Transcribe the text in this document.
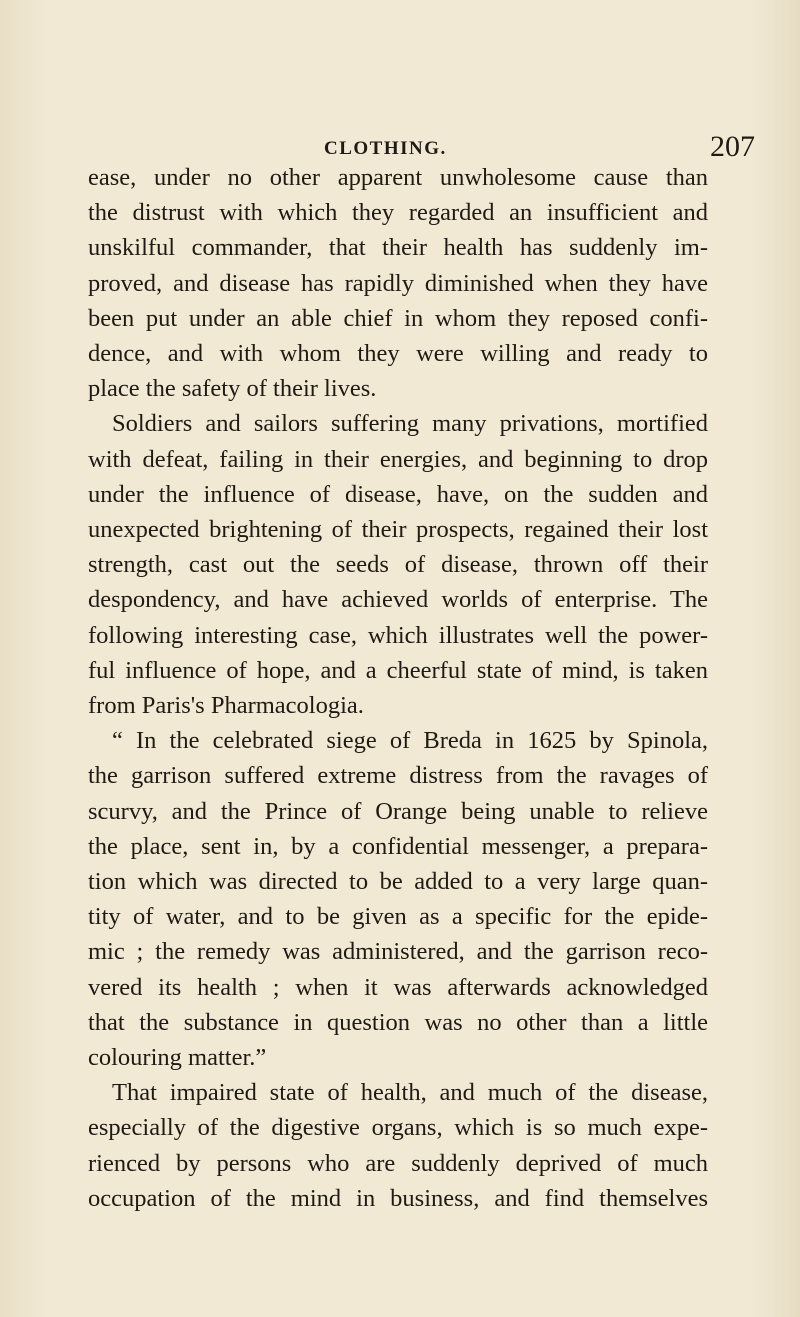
CLOTHING.	207
ease, under no other apparent unwholesome cause than
the distrust with which they regarded an insufficient and
unskilful commander, that their health has suddenly im-
proved, and disease has rapidly diminished when they have
been put under an able chief in whom they reposed confi-
dence, and with whom they were willing and ready to
place the safety of their lives.
Soldiers and sailors suffering many privations, mortified
with defeat, failing in their energies, and beginning to drop
under the influence of disease, have, on the sudden and
unexpected brightening of their prospects, regained their lost
strength, cast out the seeds of disease, thrown off their
despondency, and have achieved worlds of enterprise. The
following interesting case, which illustrates well the power-
ful influence of hope, and a cheerful state of mind, is taken
from Paris's Pharmacologia.
“ In the celebrated siege of Breda in 1625 by Spinola,
the garrison suffered extreme distress from the ravages of
scurvy, and the Prince of Orange being unable to relieve
the place, sent in, by a confidential messenger, a prepara-
tion which was directed to be added to a very large quan-
tity of water, and to be given as a specific for the epide-
mic ; the remedy was administered, and the garrison reco-
vered its health ; when it was afterwards acknowledged
that the substance in question was no other than a little
colouring matter.”
That impaired state of health, and much of the disease,
especially of the digestive organs, which is so much expe-
rienced by persons who are suddenly deprived of much
occupation of the mind in business, and find themselves
